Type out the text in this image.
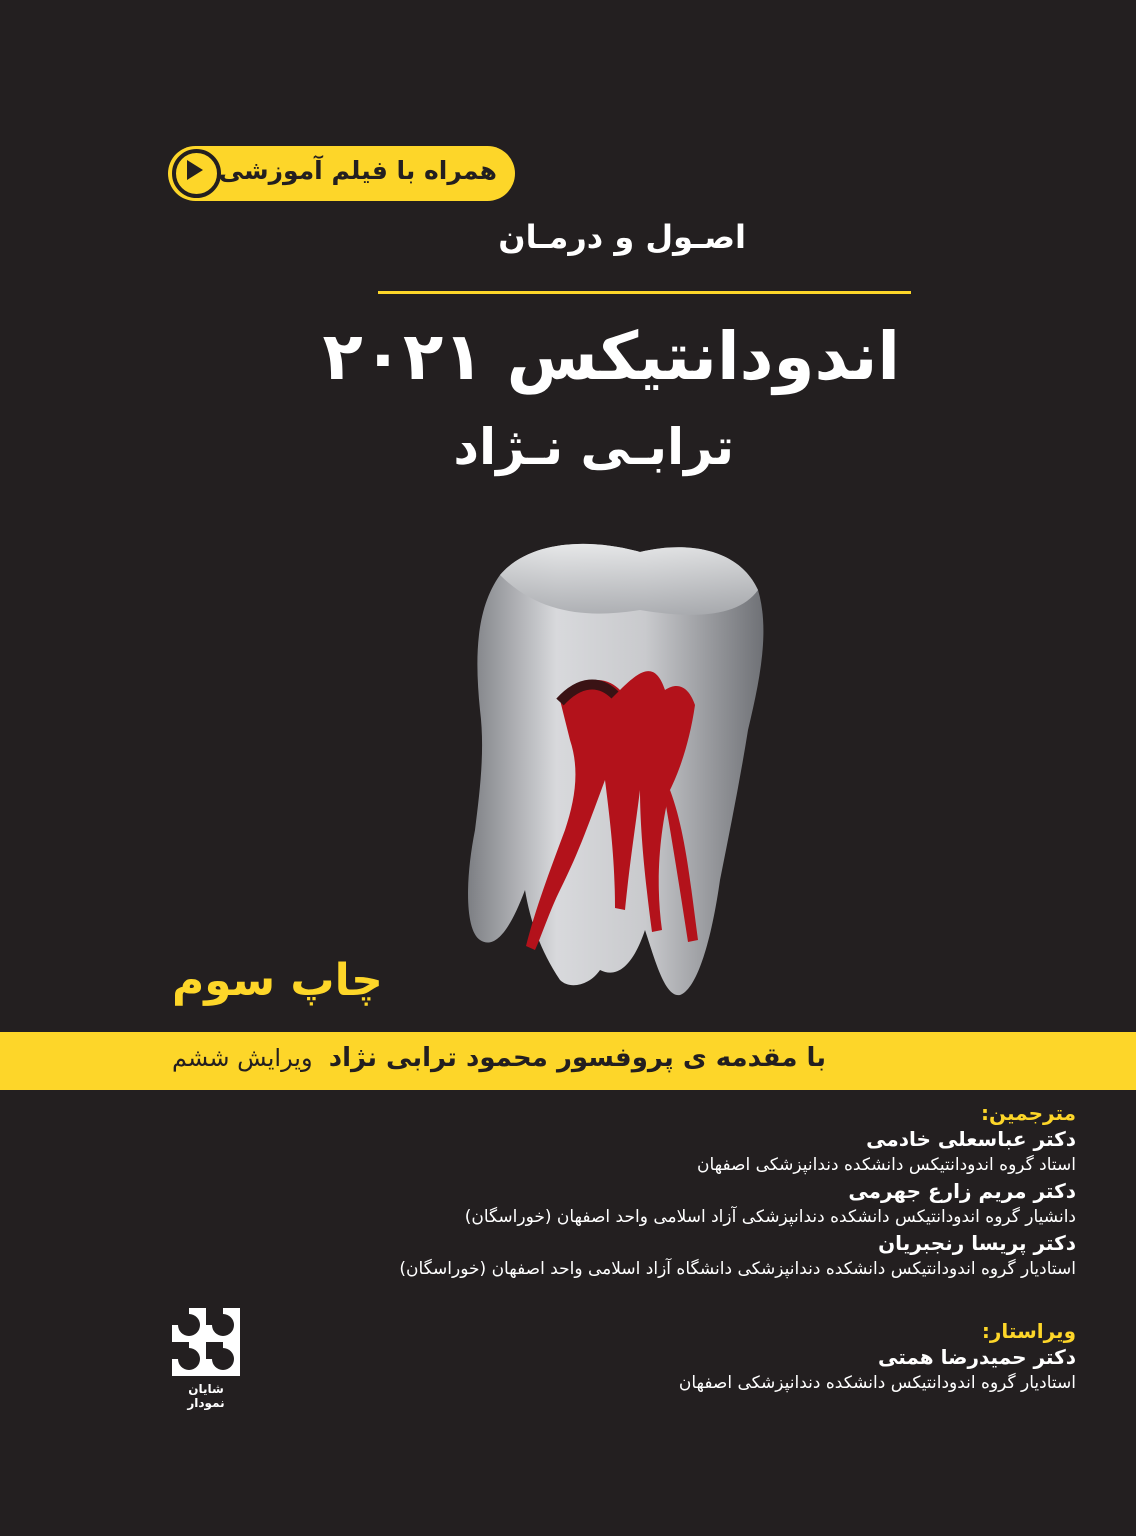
همراه با فیلم آموزشی
اصـول و درمـان
اندودانتیکس ۲۰۲۱
ترابـی نـژاد
چاپ سوم
با مقدمه ی پروفسور محمود ترابی نژاد
ویرایش ششم
مترجمین:
دکتر عباسعلی خادمی
استاد گروه اندودانتیکس دانشکده دندانپزشکی اصفهان
دکتر مریم زارع جهرمی
دانشیار گروه اندودانتیکس دانشکده دندانپزشکی آزاد اسلامی واحد اصفهان (خوراسگان)
دکتر پریسا رنجبریان
استادیار گروه اندودانتیکس دانشکده دندانپزشکی دانشگاه آزاد اسلامی واحد اصفهان (خوراسگان)
ویراستار:
دکتر حمیدرضا همتی
استادیار گروه اندودانتیکس دانشکده دندانپزشکی اصفهان
شایان نمودار
